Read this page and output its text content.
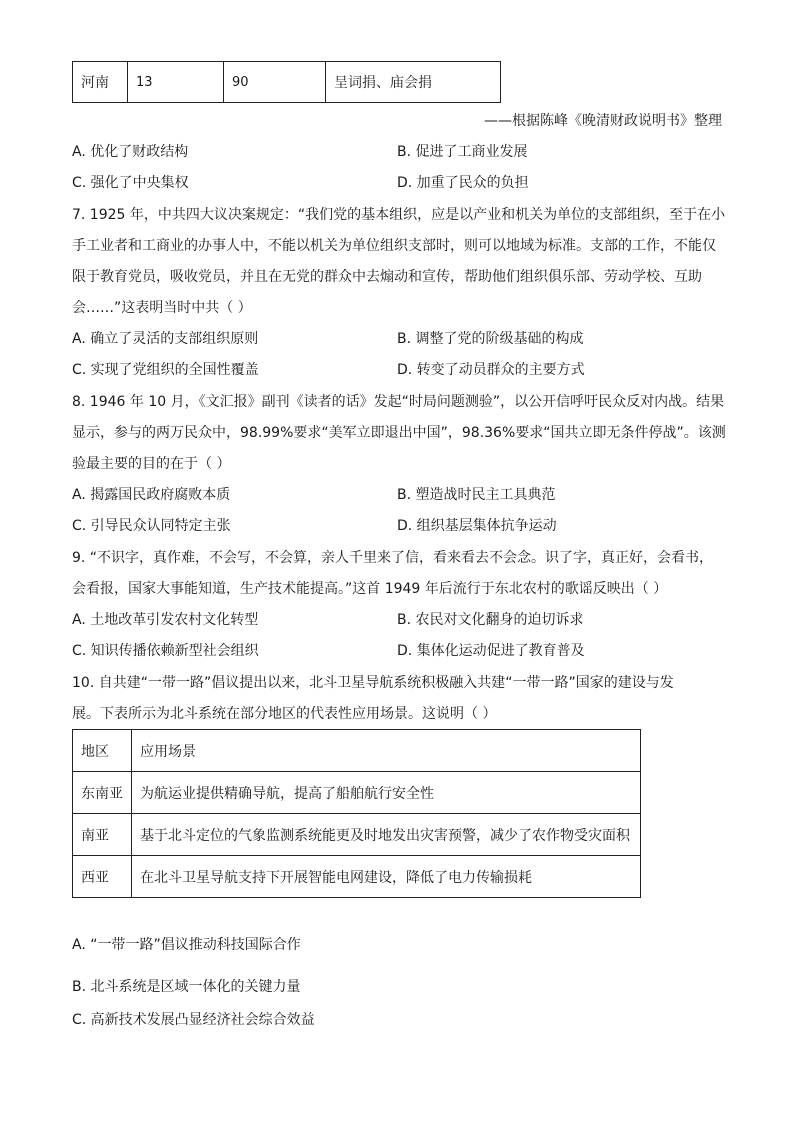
河南	13	90	呈词捐、庙会捐
——根据陈峰《晚清财政说明书》整理
A. 优化了财政结构	B. 促进了工商业发展
C. 强化了中央集权	D. 加重了民众的负担
7. 1925 年，中共四大议决案规定：“我们党的基本组织，应是以产业和机关为单位的支部组织，至于在小
手工业者和工商业的办事人中，不能以机关为单位组织支部时，则可以地域为标准。支部的工作，不能仅
限于教育党员，吸收党员，并且在无党的群众中去煽动和宣传，帮助他们组织俱乐部、劳动学校、互助
会……”这表明当时中共（ ）
A. 确立了灵活的支部组织原则	B. 调整了党的阶级基础的构成
C. 实现了党组织的全国性覆盖	D. 转变了动员群众的主要方式
8. 1946 年 10 月，《文汇报》副刊《读者的话》发起“时局问题测验”，以公开信呼吁民众反对内战。结果
显示，参与的两万民众中，98.99%要求“美军立即退出中国”，98.36%要求“国共立即无条件停战”。该测
验最主要的目的在于（ ）
A. 揭露国民政府腐败本质	B. 塑造战时民主工具典范
C. 引导民众认同特定主张	D. 组织基层集体抗争运动
9. “不识字，真作难，不会写，不会算，亲人千里来了信，看来看去不会念。识了字，真正好，会看书，
会看报，国家大事能知道，生产技术能提高。”这首 1949 年后流行于东北农村的歌谣反映出（ ）
A. 土地改革引发农村文化转型	B. 农民对文化翻身的迫切诉求
C. 知识传播依赖新型社会组织	D. 集体化运动促进了教育普及
10. 自共建“一带一路”倡议提出以来，北斗卫星导航系统积极融入共建“一带一路”国家的建设与发
展。下表所示为北斗系统在部分地区的代表性应用场景。这说明（ ）
地区	应用场景
东南亚	为航运业提供精确导航，提高了船舶航行安全性
南亚	基于北斗定位的气象监测系统能更及时地发出灾害预警，减少了农作物受灾面积
西亚	在北斗卫星导航支持下开展智能电网建设，降低了电力传输损耗
A. “一带一路”倡议推动科技国际合作
B. 北斗系统是区域一体化的关键力量
C. 高新技术发展凸显经济社会综合效益
